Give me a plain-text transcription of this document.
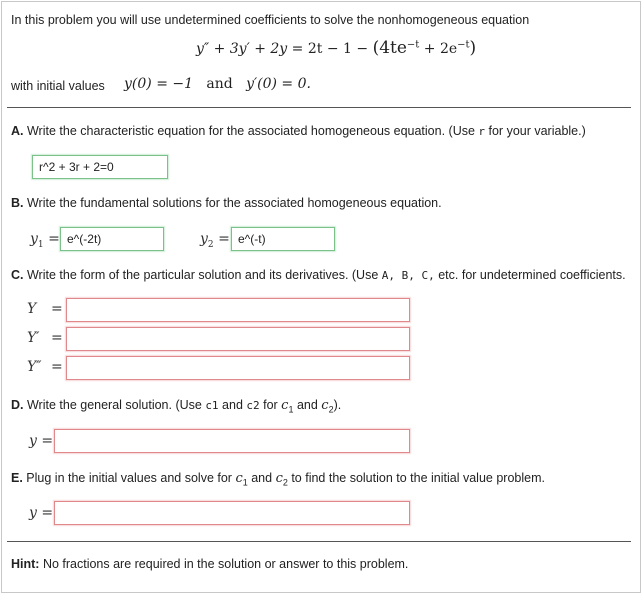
In this problem you will use undetermined coefficients to solve the nonhomogeneous equation
$y'' + 3y' + 2y = 2t - 1 - (4te^{-t} + 2e^{-t})$
with initial values y(0) = −1 and y′(0) = 0.
A. Write the characteristic equation for the associated homogeneous equation. (Use r for your variable.)
r^2 + 3r + 2=0
B. Write the fundamental solutions for the associated homogeneous equation.
$y_1$ = e^(-2t)	$y_2$ = e^(-t)
C. Write the form of the particular solution and its derivatives. (Use A, B, C, etc. for undetermined coefficients.
Y =
Y′ =
Y″ =
D. Write the general solution. (Use c1 and c2 for $c_1$ and $c_2$).
y =
E. Plug in the initial values and solve for $c_1$ and $c_2$ to find the solution to the initial value problem.
y =
Hint: No fractions are required in the solution or answer to this problem.
